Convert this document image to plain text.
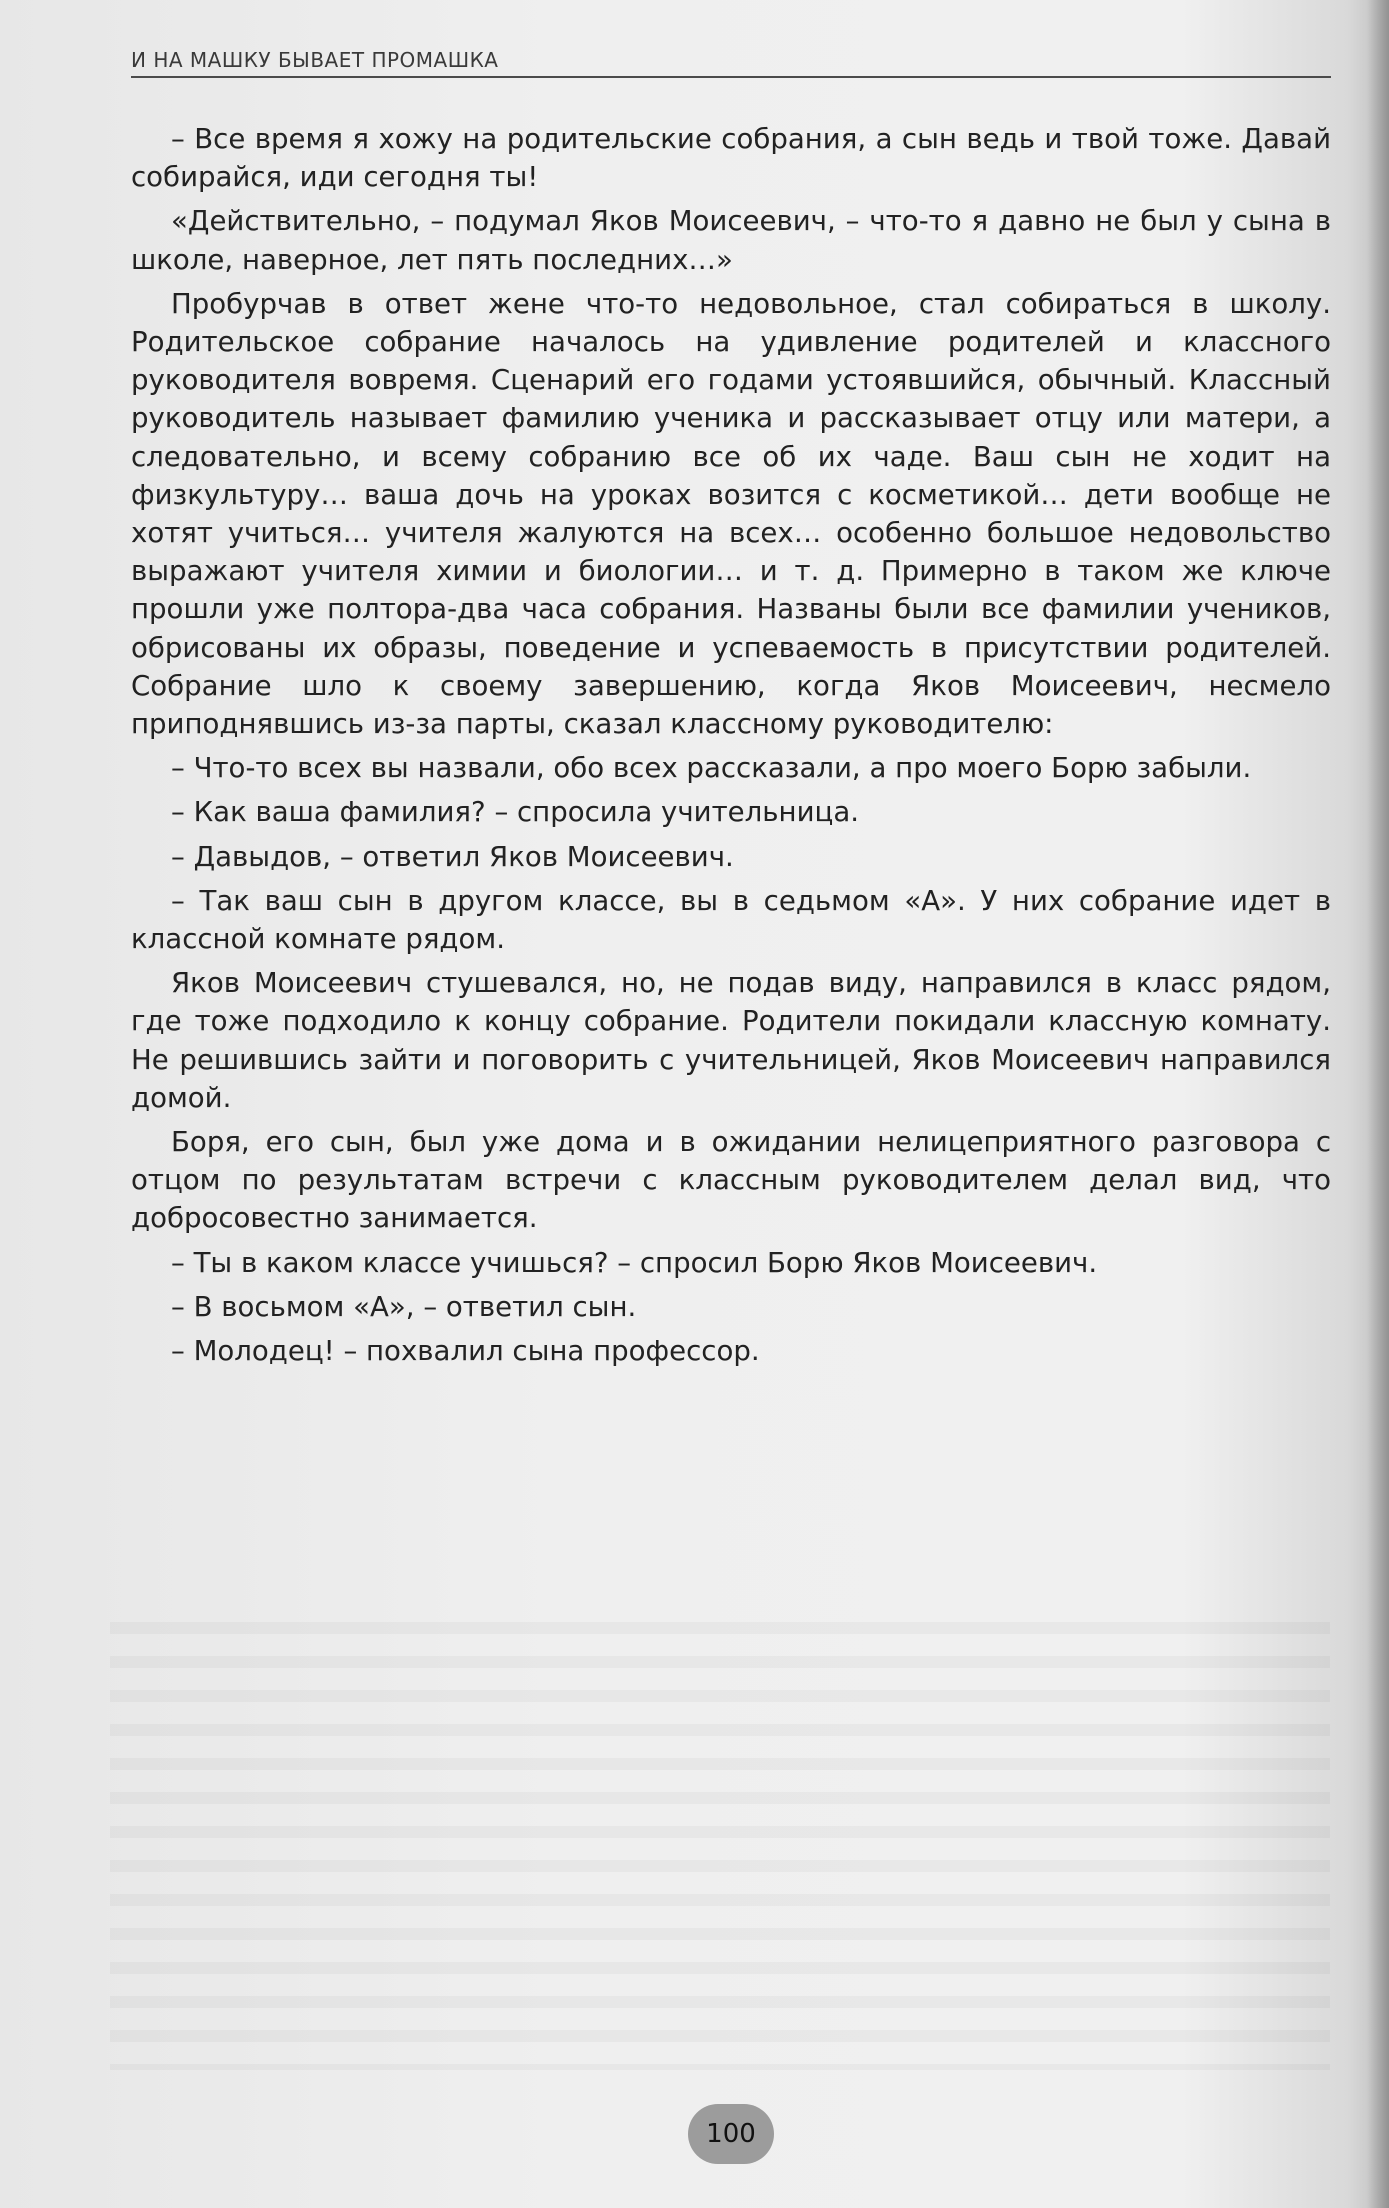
И НА МАШКУ БЫВАЕТ ПРОМАШКА

– Все время я хожу на родительские собрания, а сын ведь и твой тоже. Давай собирайся, иди сегодня ты!

«Действительно, – подумал Яков Моисеевич, – что-то я давно не был у сына в школе, наверное, лет пять последних…»

Пробурчав в ответ жене что-то недовольное, стал собираться в школу. Родительское собрание началось на удивление родителей и классного руководителя вовремя. Сценарий его годами устоявшийся, обычный. Классный руководитель называет фамилию ученика и рассказывает отцу или матери, а следовательно, и всему собранию все об их чаде. Ваш сын не ходит на физкультуру… ваша дочь на уроках возится с косметикой… дети вообще не хотят учиться… учителя жалуются на всех… особенно большое недовольство выражают учителя химии и биологии… и т. д. Примерно в таком же ключе прошли уже полтора-два часа собрания. Названы были все фамилии учеников, обрисованы их образы, поведение и успеваемость в присутствии родителей. Собрание шло к своему завершению, когда Яков Моисеевич, несмело приподнявшись из-за парты, сказал классному руководителю:

– Что-то всех вы назвали, обо всех рассказали, а про моего Борю забыли.

– Как ваша фамилия? – спросила учительница.

– Давыдов, – ответил Яков Моисеевич.

– Так ваш сын в другом классе, вы в седьмом «А». У них собрание идет в классной комнате рядом.

Яков Моисеевич стушевался, но, не подав виду, направился в класс рядом, где тоже подходило к концу собрание. Родители покидали классную комнату. Не решившись зайти и поговорить с учительницей, Яков Моисеевич направился домой.

Боря, его сын, был уже дома и в ожидании нелицеприятного разговора с отцом по результатам встречи с классным руководителем делал вид, что добросовестно занимается.

– Ты в каком классе учишься? – спросил Борю Яков Моисеевич.

– В восьмом «А», – ответил сын.

– Молодец! – похвалил сына профессор.

100
